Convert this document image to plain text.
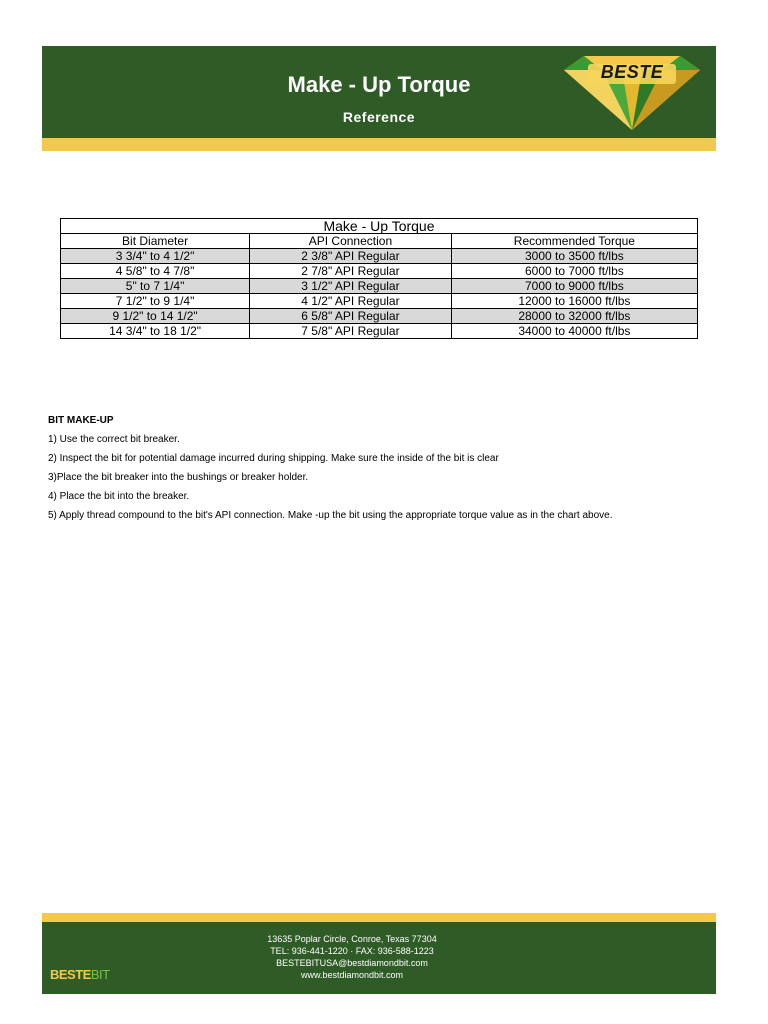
Make - Up Torque
Reference
BESTE
Make - Up Torque		
Bit Diameter	API Connection	Recommended Torque
3 3/4" to 4 1/2"	2 3/8" API Regular	3000 to 3500 ft/lbs
4 5/8" to 4 7/8"	2 7/8" API Regular	6000 to 7000 ft/lbs
5" to 7 1/4"	3 1/2" API Regular	7000 to 9000 ft/lbs
7 1/2" to 9 1/4"	4 1/2" API Regular	12000 to 16000 ft/lbs
9 1/2" to 14 1/2"	6 5/8" API Regular	28000 to 32000 ft/lbs
14 3/4" to 18 1/2"	7 5/8" API Regular	34000 to 40000 ft/lbs
BIT MAKE-UP
1) Use the correct bit breaker.
2) Inspect the bit for potential damage incurred during shipping. Make sure the inside of the bit is clear
3)Place the bit breaker into the bushings or breaker holder.
4) Place the bit into the breaker.
5) Apply thread compound to the bit's API connection. Make -up the bit using the appropriate torque value as in the chart above.
13635 Poplar Circle, Conroe, Texas 77304
TEL: 936-441-1220 · FAX: 936-588-1223
BESTEBITUSA@bestdiamondbit.com
www.bestdiamondbit.com
BESTEBIT
